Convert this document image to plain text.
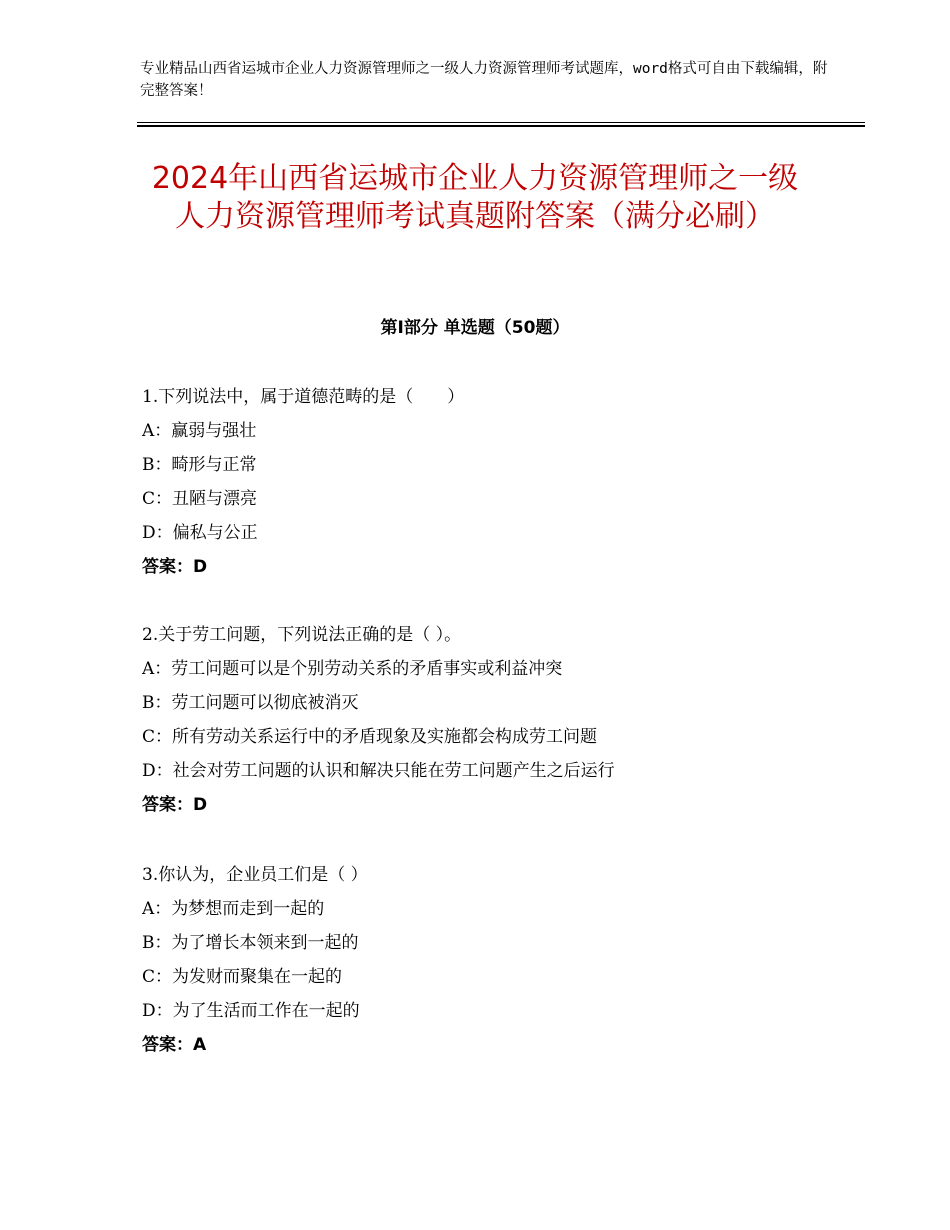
专业精品山西省运城市企业人力资源管理师之一级人力资源管理师考试题库，word格式可自由下载编辑，附完整答案！
2024年山西省运城市企业人力资源管理师之一级人力资源管理师考试真题附答案（满分必刷）
第Ⅰ部分 单选题（50题）
1.下列说法中，属于道德范畴的是（　　）
A：赢弱与强壮
B：畸形与正常
C：丑陋与漂亮
D：偏私与公正
答案：D
2.关于劳工问题，下列说法正确的是（ ）。
A：劳工问题可以是个别劳动关系的矛盾事实或利益冲突
B：劳工问题可以彻底被消灭
C：所有劳动关系运行中的矛盾现象及实施都会构成劳工问题
D：社会对劳工问题的认识和解决只能在劳工问题产生之后运行
答案：D
3.你认为，企业员工们是（ ）
A：为梦想而走到一起的
B：为了增长本领来到一起的
C：为发财而聚集在一起的
D：为了生活而工作在一起的
答案：A
